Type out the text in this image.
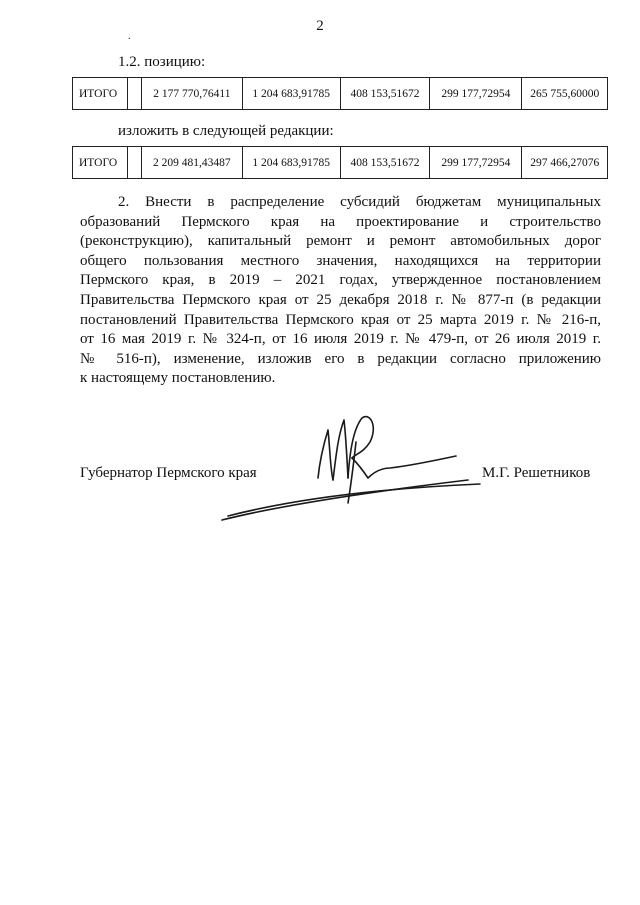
2
.
1.2. позицию:
ИТОГО		2 177 770,76411	1 204 683,91785	408 153,51672	299 177,72954	265 755,60000
изложить в следующей редакции:
ИТОГО		2 209 481,43487	1 204 683,91785	408 153,51672	299 177,72954	297 466,27076
2. Внести в распределение субсидий бюджетам муниципальных
образований Пермского края на проектирование и строительство
(реконструкцию), капитальный ремонт и ремонт автомобильных дорог
общего пользования местного значения, находящихся на территории
Пермского края, в 2019 – 2021 годах, утвержденное постановлением
Правительства Пермского края от 25 декабря 2018 г. № 877-п (в редакции
постановлений Правительства Пермского края от 25 марта 2019 г. № 216-п,
от 16 мая 2019 г. № 324-п, от 16 июля 2019 г. № 479-п, от 26 июля 2019 г.
№ 516-п), изменение, изложив его в редакции согласно приложению
к настоящему постановлению.
Губернатор Пермского края	М.Г. Решетников
